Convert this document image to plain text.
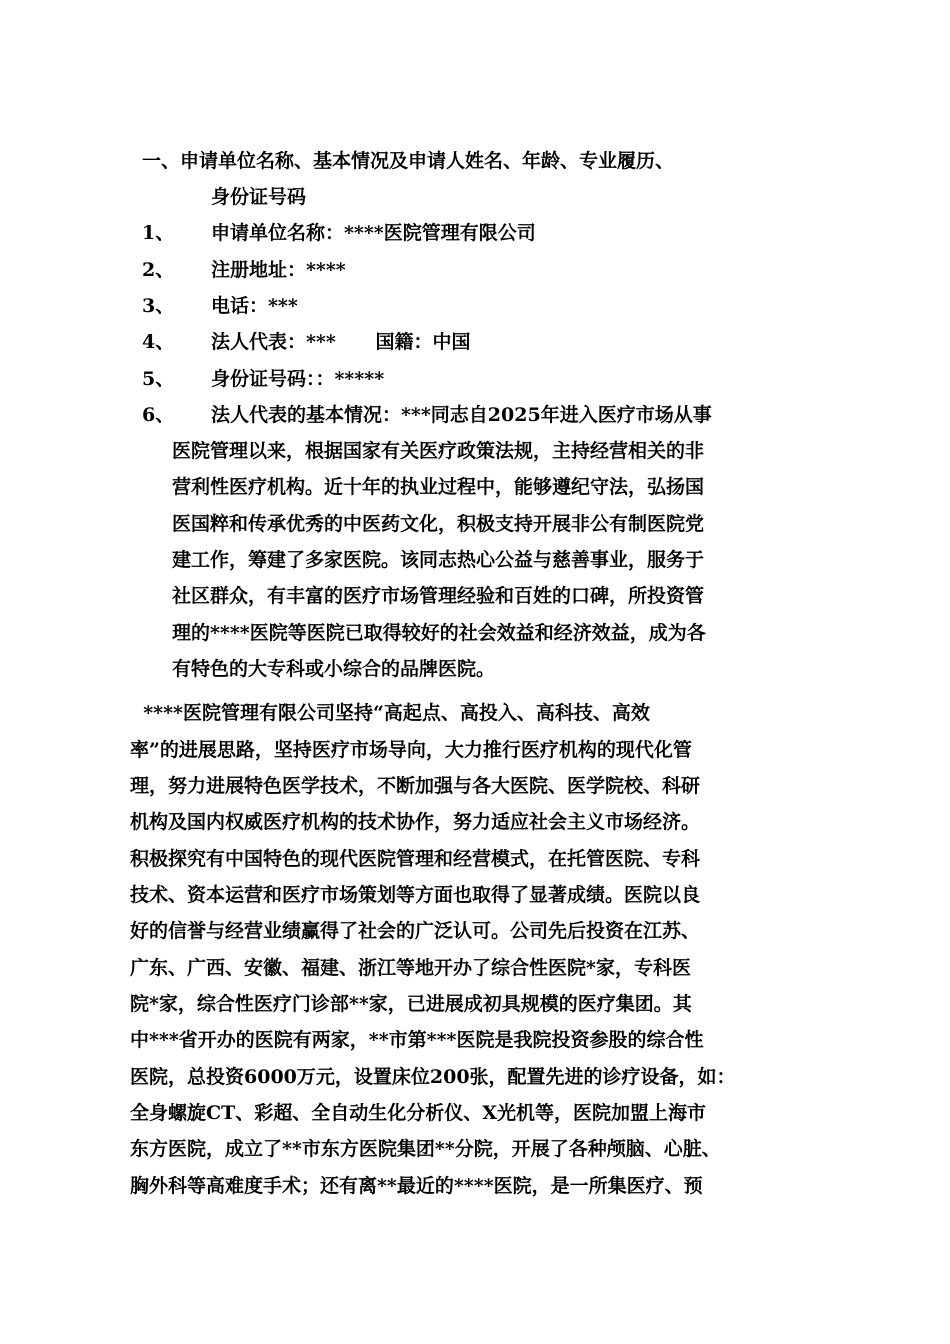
一、申请单位名称、基本情况及申请人姓名、年龄、专业履历、
身份证号码
1、 申请单位名称：****医院管理有限公司
2、 注册地址：****
3、 电话：***
4、 法人代表：***      国籍：中国
5、 身份证号码：：*****
6、 法人代表的基本情况：***同志自2025年进入医疗市场从事
医院管理以来，根据国家有关医疗政策法规，主持经营相关的非
营利性医疗机构。近十年的执业过程中，能够遵纪守法，弘扬国
医国粹和传承优秀的中医药文化，积极支持开展非公有制医院党
建工作，筹建了多家医院。该同志热心公益与慈善事业，服务于
社区群众，有丰富的医疗市场管理经验和百姓的口碑，所投资管
理的****医院等医院已取得较好的社会效益和经济效益，成为各
有特色的大专科或小综合的品牌医院。
****医院管理有限公司坚持“高起点、高投入、高科技、高效
率”的进展思路，坚持医疗市场导向，大力推行医疗机构的现代化管
理，努力进展特色医学技术，不断加强与各大医院、医学院校、科研
机构及国内权威医疗机构的技术协作，努力适应社会主义市场经济。
积极探究有中国特色的现代医院管理和经营模式，在托管医院、专科
技术、资本运营和医疗市场策划等方面也取得了显著成绩。医院以良
好的信誉与经营业绩赢得了社会的广泛认可。公司先后投资在江苏、
广东、广西、安徽、福建、浙江等地开办了综合性医院*家，专科医
院*家，综合性医疗门诊部**家，已进展成初具规模的医疗集团。其
中***省开办的医院有两家，**市第***医院是我院投资参股的综合性
医院，总投资6000万元，设置床位200张，配置先进的诊疗设备，如：
全身螺旋CT、彩超、全自动生化分析仪、X光机等，医院加盟上海市
东方医院，成立了**市东方医院集团**分院，开展了各种颅脑、心脏、
胸外科等高难度手术；还有离**最近的****医院，是一所集医疗、预
